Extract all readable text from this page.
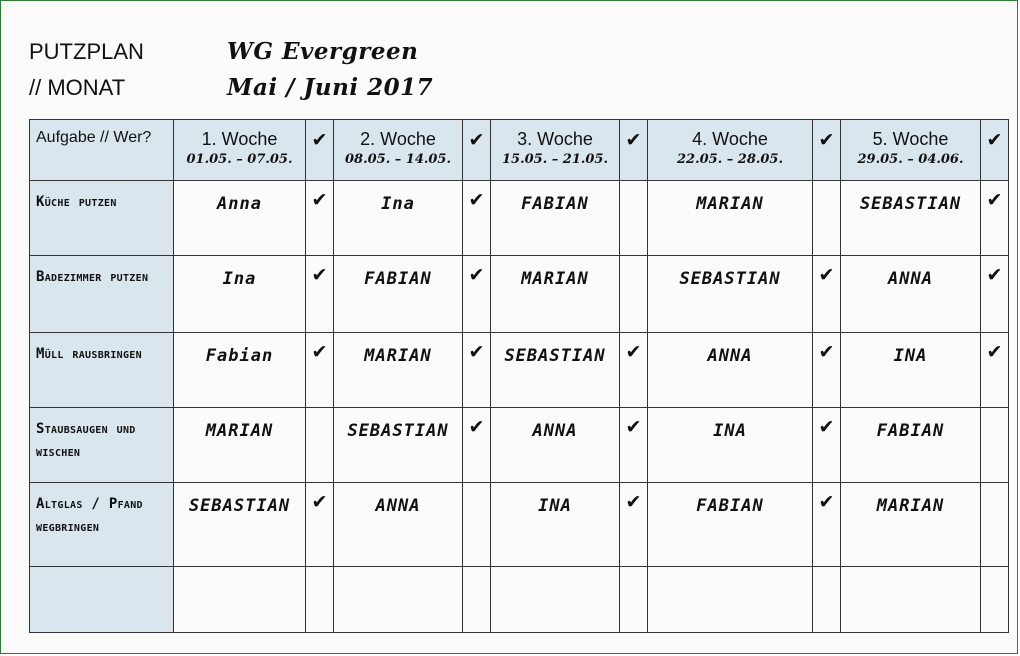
PUTZPLAN
// MONAT
WG Evergreen
Mai / Juni 2017
Aufgabe // Wer?	1. Woche
01.05. – 07.05.	✔	2. Woche
08.05. – 14.05.	✔	3. Woche
15.05. – 21.05.	✔	4. Woche
22.05. – 28.05.	✔	5. Woche
29.05. – 04.06.	✔

Küche putzen	Anna	✔	Ina	✔	FABIAN		MARIAN		SEBASTIAN	✔

Badezimmer putzen	Ina	✔	FABIAN	✔	MARIAN		SEBASTIAN	✔	ANNA	✔

Müll rausbringen	Fabian	✔	MARIAN	✔	SEBASTIAN	✔	ANNA	✔	INA	✔

Staubsaugen und wischen	MARIAN		SEBASTIAN	✔	ANNA	✔	INA	✔	FABIAN	

Altglas / Pfand wegbringen	SEBASTIAN	✔	ANNA		INA	✔	FABIAN	✔	MARIAN	
